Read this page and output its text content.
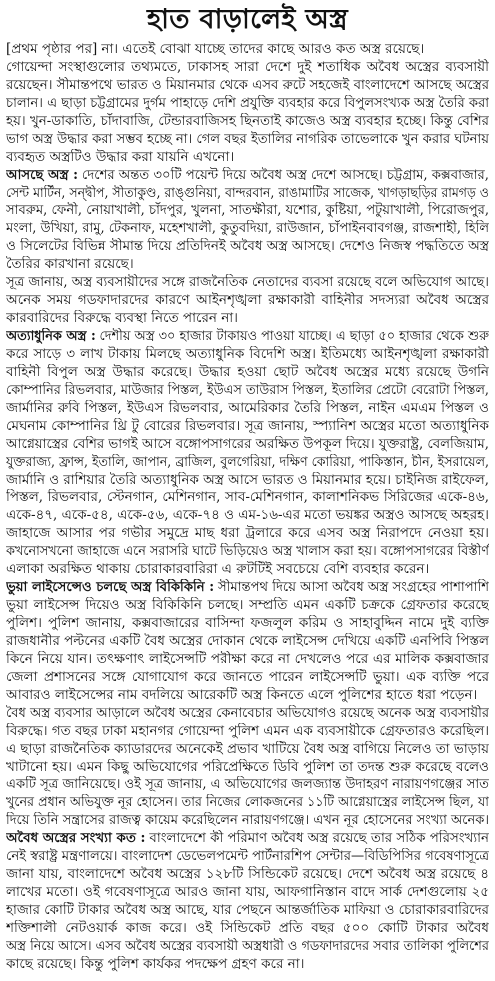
হাত বাড়ালেই অস্ত্র
[প্রথম পৃষ্ঠার পর] না। এতেই বোঝা যাচ্ছে তাদের কাছে আরও কত অস্ত্র রয়েছে।
গোয়েন্দা সংস্থাগুলোর তথ্যমতে, ঢাকাসহ সারা দেশে দুই শতাধিক অবৈধ অস্ত্রের ব্যবসায়ী
রয়েছেন। সীমান্তপথে ভারত ও মিয়ানমার থেকে এসব রুটে সহজেই বাংলাদেশে আসছে অস্ত্রের
চালান। এ ছাড়া চট্টগ্রামের দুর্গম পাহাড়ে দেশি প্রযুক্তি ব্যবহার করে বিপুলসংখ্যক অস্ত্র তৈরি করা
হয়। খুন-ডাকাতি, চাঁদাবাজি, টেন্ডারবাজিসহ ছিনতাই কাজেও অস্ত্র ব্যবহার হচ্ছে। কিন্তু বেশির
ভাগ অস্ত্র উদ্ধার করা সম্ভব হচ্ছে না। গেল বছর ইতালির নাগরিক তাভেলাকে খুন করার ঘটনায়
ব্যবহৃত অস্ত্রটিও উদ্ধার করা যায়নি এখনো।
আসছে অস্ত্র : দেশের অন্তত ৩০টি পয়েন্ট দিয়ে অবৈধ অস্ত্র দেশে আসছে। চট্টগ্রাম, কক্সবাজার,
সেন্ট মার্টিন, সন্দ্বীপ, সীতাকুণ্ড, রাঙ্গুনিয়া, বান্দরবান, রাঙামাটির সাজেক, খাগড়াছড়ির রামগড় ও
সাবরুম, ফেনী, নোয়াখালী, চাঁদপুর, খুলনা, সাতক্ষীরা, যশোর, কুষ্টিয়া, পটুয়াখালী, পিরোজপুর,
মংলা, উখিয়া, রামু, টেকনাফ, মহেশখালী, কুতুবদিয়া, রাউজান, চাঁপাইনবাবগঞ্জ, রাজশাহী, হিলি
ও সিলেটের বিভিন্ন সীমান্ত দিয়ে প্রতিদিনই অবৈধ অস্ত্র আসছে। দেশেও নিজস্ব পদ্ধতিতে অস্ত্র
তৈরির কারখানা রয়েছে।
সূত্র জানায়, অস্ত্র ব্যবসায়ীদের সঙ্গে রাজনৈতিক নেতাদের ব্যবসা রয়েছে বলে অভিযোগ আছে।
অনেক সময় গডফাদারদের কারণে আইনশৃঙ্খলা রক্ষাকারী বাহিনীর সদস্যরা অবৈধ অস্ত্রের
কারবারিদের বিরুদ্ধে ব্যবস্থা নিতে পারেন না।
অত্যাধুনিক অস্ত্র : দেশীয় অস্ত্র ৩০ হাজার টাকায়ও পাওয়া যাচ্ছে। এ ছাড়া ৫০ হাজার থেকে শুরু
করে সাড়ে ৩ লাখ টাকায় মিলছে অত্যাধুনিক বিদেশি অস্ত্র। ইতিমধ্যে আইনশৃঙ্খলা রক্ষাকারী
বাহিনী বিপুল অস্ত্র উদ্ধার করেছে। উদ্ধার হওয়া ছোট অবৈধ অস্ত্রের মধ্যে রয়েছে উগনি
কোম্পানির রিভলবার, মাউজার পিস্তল, ইউএস তাউরাস পিস্তল, ইতালির প্রেটো বেরোটা পিস্তল,
জার্মানির রুবি পিস্তল, ইউএস রিভলবার, আমেরিকার তৈরি পিস্তল, নাইন এমএম পিস্তল ও
মেঘনাম কোম্পানির থ্রি টু বোরের রিভলবার। সূত্র জানায়, স্প্যানিশ অস্ত্রের মতো অত্যাধুনিক
আগ্নেয়াস্ত্রের বেশির ভাগই আসে বঙ্গোপসাগরের অরক্ষিত উপকূল দিয়ে। যুক্তরাষ্ট্র, বেলজিয়াম,
যুক্তরাজ্য, ফ্রান্স, ইতালি, জাপান, ব্রাজিল, বুলগেরিয়া, দক্ষিণ কোরিয়া, পাকিস্তান, চীন, ইসরায়েল,
জার্মানি ও রাশিয়ার তৈরি অত্যাধুনিক অস্ত্র আসে ভারত ও মিয়ানমার হয়ে। চাইনিজ রাইফেল,
পিস্তল, রিভলবার, স্টেনগান, মেশিনগান, সাব-মেশিনগান, কালাশনিকভ সিরিজের একে-৪৬,
একে-৪৭, একে-৫৪, একে-৫৬, একে-৭৪ ও এম-১৬-এর মতো ভয়ঙ্কর অস্ত্রও আসছে অহরহ।
জাহাজে আসার পর গভীর সমুদ্রে মাছ ধরা ট্রলারে করে এসব অস্ত্র নিরাপদে নেওয়া হয়।
কখনোসখনো জাহাজে এনে সরাসরি ঘাটে ভিড়িয়েও অস্ত্র খালাস করা হয়। বঙ্গোপসাগরের বিস্তীর্ণ
এলাকা অরক্ষিত থাকায় চোরাকারবারিরা এ রুটটিই সবচেয়ে বেশি ব্যবহার করেন।
ভুয়া লাইসেন্সেও চলছে অস্ত্র বিকিকিনি : সীমান্তপথ দিয়ে আসা অবৈধ অস্ত্র সংগ্রহের পাশাপাশি
ভুয়া লাইসেন্স দিয়েও অস্ত্র বিকিকিনি চলছে। সম্প্রতি এমন একটি চক্রকে গ্রেফতার করেছে
পুলিশ। পুলিশ জানায়, কক্সবাজারের বাসিন্দা ফজলুল করিম ও সাহাবুদ্দিন নামে দুই ব্যক্তি
রাজধানীর পল্টনের একটি বৈধ অস্ত্রের দোকান থেকে লাইসেন্স দেখিয়ে একটি এনপিবি পিস্তল
কিনে নিয়ে যান। তৎক্ষণাৎ লাইসেন্সটি পরীক্ষা করে না দেখলেও পরে এর মালিক কক্সবাজার
জেলা প্রশাসনের সঙ্গে যোগাযোগ করে জানতে পারেন লাইসেন্সটি ভুয়া। এক ব্যক্তি পরে
আবারও লাইসেন্সের নাম বদলিয়ে আরেকটি অস্ত্র কিনতে এলে পুলিশের হাতে ধরা পড়েন।
বৈধ অস্ত্র ব্যবসার আড়ালে অবৈধ অস্ত্রের কেনাবেচার অভিযোগও রয়েছে অনেক অস্ত্র ব্যবসায়ীর
বিরুদ্ধে। গত বছর ঢাকা মহানগর গোয়েন্দা পুলিশ এমন এক ব্যবসায়ীকে গ্রেফতারও করেছিল।
এ ছাড়া রাজনৈতিক ক্যাডারদের অনেকেই প্রভাব খাটিয়ে বৈধ অস্ত্র বাগিয়ে নিলেও তা ভাড়ায়
খাটানো হয়। এমন কিছু অভিযোগের পরিপ্রেক্ষিতে ডিবি পুলিশ তা তদন্ত শুরু করেছে বলেও
একটি সূত্র জানিয়েছে। ওই সূত্র জানায়, এ অভিযোগের জলজ্যান্ত উদাহরণ নারায়ণগঞ্জের সাত
খুনের প্রধান অভিযুক্ত নূর হোসেন। তার নিজের লোকজনের ১১টি আগ্নেয়াস্ত্রের লাইসেন্স ছিল, যা
দিয়ে তিনি সন্ত্রাসের রাজত্ব কায়েম করেছিলেন নারায়ণগঞ্জে। এখন নূর হোসেনের সংখ্যা অনেক।
অবৈধ অস্ত্রের সংখ্যা কত : বাংলাদেশে কী পরিমাণ অবৈধ অস্ত্র রয়েছে তার সঠিক পরিসংখ্যান
নেই স্বরাষ্ট্র মন্ত্রণালয়ে। বাংলাদেশ ডেভেলপমেন্ট পার্টনারশিপ সেন্টার—বিডিপিসির গবেষণাসূত্রে
জানা যায়, বাংলাদেশে অবৈধ অস্ত্রের ১২৮টি সিন্ডিকেট রয়েছে। দেশে অবৈধ অস্ত্র রয়েছে ৪
লাখের মতো। ওই গবেষণাসূত্রে আরও জানা যায়, আফগানিস্তান বাদে সার্ক দেশগুলোয় ২৫
হাজার কোটি টাকার অবৈধ অস্ত্র আছে, যার পেছনে আন্তর্জাতিক মাফিয়া ও চোরাকারবারিদের
শক্তিশালী নেটওয়ার্ক কাজ করে। ওই সিন্ডিকেট প্রতি বছর ৫০০ কোটি টাকার অবৈধ
অস্ত্র নিয়ে আসে। এসব অবৈধ অস্ত্রের ব্যবসায়ী অস্ত্রধারী ও গডফাদারদের সবার তালিকা পুলিশের
কাছে রয়েছে। কিন্তু পুলিশ কার্যকর পদক্ষেপ গ্রহণ করে না।
